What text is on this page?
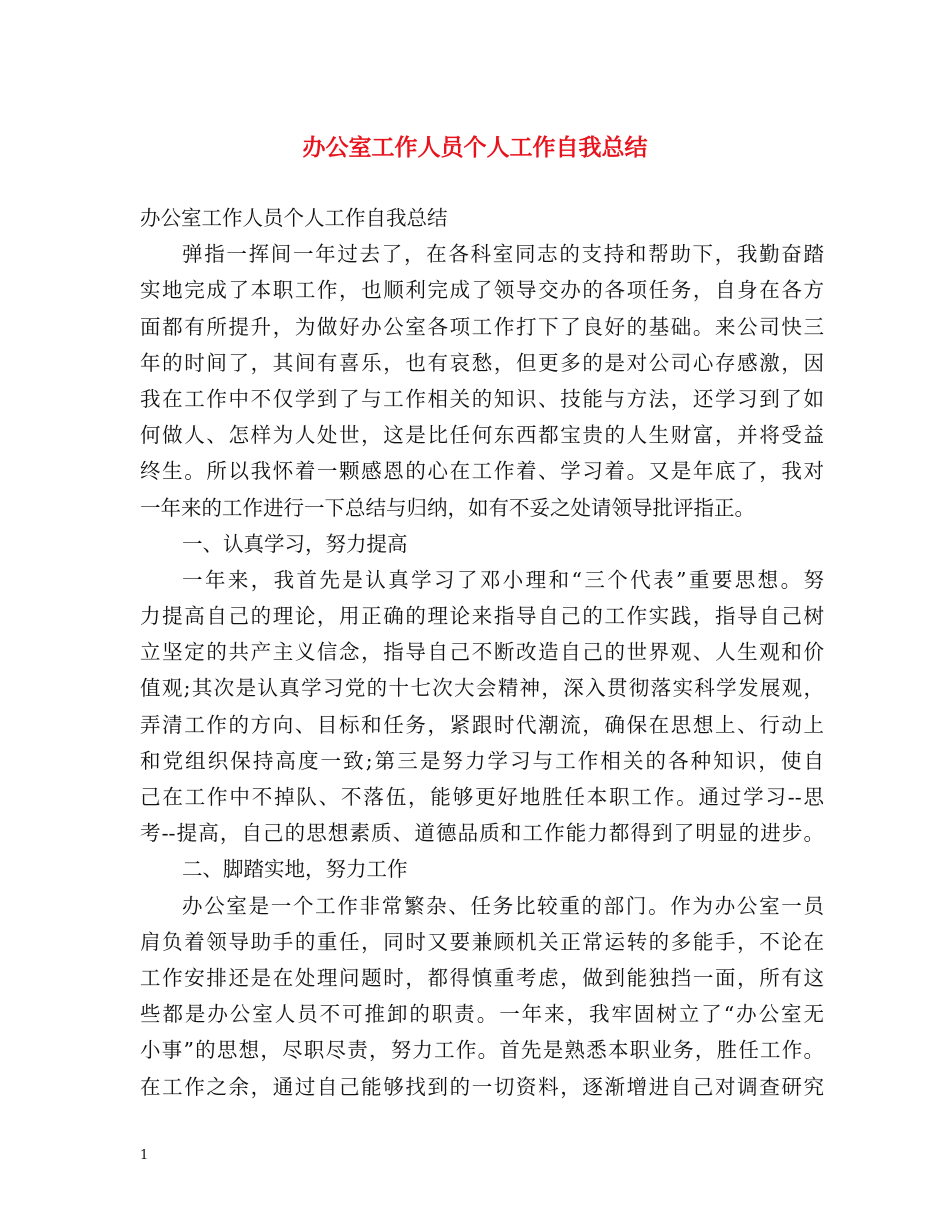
办公室工作人员个人工作自我总结
办公室工作人员个人工作自我总结
弹指一挥间一年过去了，在各科室同志的支持和帮助下，我勤奋踏
实地完成了本职工作，也顺利完成了领导交办的各项任务，自身在各方
面都有所提升，为做好办公室各项工作打下了良好的基础。来公司快三
年的时间了，其间有喜乐，也有哀愁，但更多的是对公司心存感激，因
我在工作中不仅学到了与工作相关的知识、技能与方法，还学习到了如
何做人、怎样为人处世，这是比任何东西都宝贵的人生财富，并将受益
终生。所以我怀着一颗感恩的心在工作着、学习着。又是年底了，我对
一年来的工作进行一下总结与归纳，如有不妥之处请领导批评指正。
一、认真学习，努力提高
一年来，我首先是认真学习了邓小理和“三个代表”重要思想。努
力提高自己的理论，用正确的理论来指导自己的工作实践，指导自己树
立坚定的共产主义信念，指导自己不断改造自己的世界观、人生观和价
值观;其次是认真学习党的十七次大会精神，深入贯彻落实科学发展观，
弄清工作的方向、目标和任务，紧跟时代潮流，确保在思想上、行动上
和党组织保持高度一致;第三是努力学习与工作相关的各种知识，使自
己在工作中不掉队、不落伍，能够更好地胜任本职工作。通过学习--思
考--提高，自己的思想素质、道德品质和工作能力都得到了明显的进步。
二、脚踏实地，努力工作
办公室是一个工作非常繁杂、任务比较重的部门。作为办公室一员
肩负着领导助手的重任，同时又要兼顾机关正常运转的多能手，不论在
工作安排还是在处理问题时，都得慎重考虑，做到能独挡一面，所有这
些都是办公室人员不可推卸的职责。一年来，我牢固树立了“办公室无
小事”的思想，尽职尽责，努力工作。首先是熟悉本职业务，胜任工作。
在工作之余，通过自己能够找到的一切资料，逐渐增进自己对调查研究
1
